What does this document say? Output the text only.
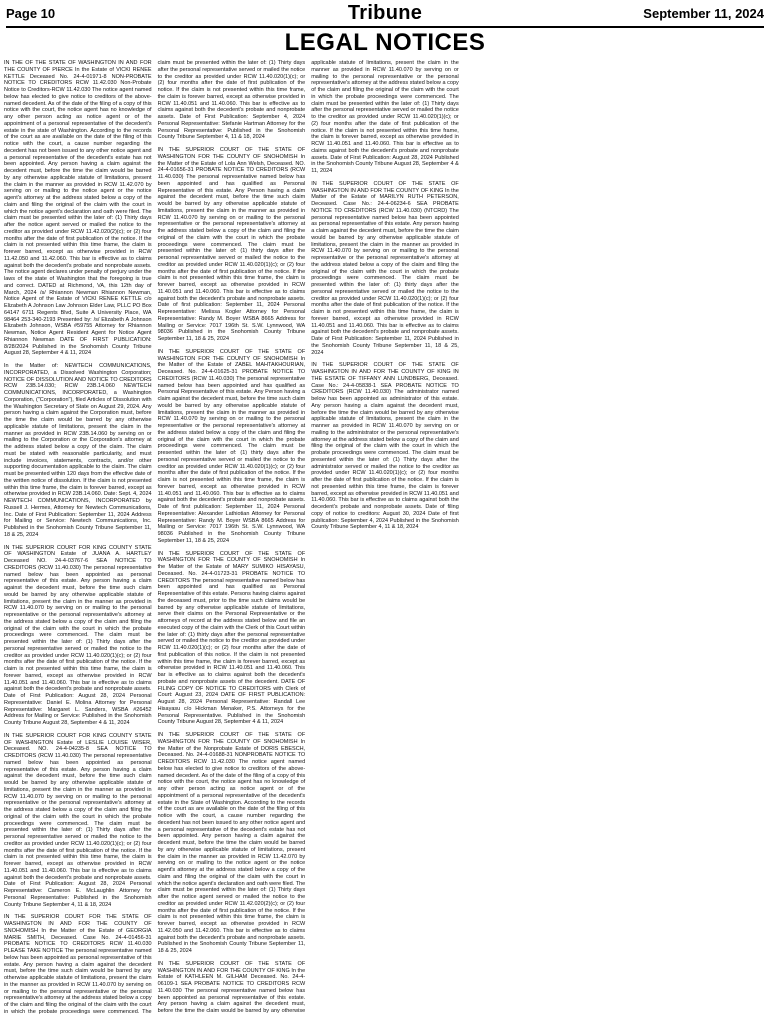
Page 10	Tribune	September 11, 2024
LEGAL NOTICES

IN THE OF THE STATE OF WASHINGTON IN AND FOR THE COUNTY OF PIERCE In the Estate of VICKI RENEE KETTLE Deceased No. 24-4-01971-8 NON-PROBATE NOTICE TO CREDITORS RCW 11.42.030 Non-Probate Notice to Creditors-RCW 11.42.030 The notice agent named below has elected to give notice to creditors of the above-named decedent. As of the date of the filing of a copy of this notice with the court, the notice agent has no knowledge of any other person acting as notice agent or of the appointment of a personal representative of the decedent's estate in the state of Washington. According to the records of the court as are available on the date of the filing of this notice with the court, a cause number regarding the decedent has not been issued to any other notice agent and a personal representative of the decedent's estate has not been appointed. Any person having a claim against the decedent must, before the time the claim would be barred by any otherwise applicable statute of limitations, present the claim in the manner as provided in RCW 11.42.070 by serving on or mailing to the notice agent or the notice agent's attorney at the address stated below a copy of the claim and filing the original of the claim with the court in which the notice agent's declaration and oath were filed. The claim must be presented within the later of: (1) Thirty days after the notice agent served or mailed the notice to the creditor as provided under RCW 11.42.020(2)(c); or (2) four months after the date of first publication of the notice. If the claim is not presented within this time frame, the claim is forever barred, except as otherwise provided in RCW 11.42.050 and 11.42.060. This bar is effective as to claims against both the decedent's probate and nonprobate assets. The notice agent declares under penalty of perjury under the laws of the state of Washington that the foregoing is true and correct. DATED at Richmond, VA, this 12th day of March, 2024 /s/ Rhiannon Newman Rhiannon Newman, Notice Agent of the Estate of VICKI RENEE KETTLE c/o Elizabeth A Johnson Law Johnson Elder Law, PLLC PO Box 64147 6711 Regents Blvd, Suite A University Place, WA 98464 253-340-2193 Presented by: /s/ Elizabeth A Johnson Elizabeth Johnson, WSBA #59755 Attorney for Rhiannon Newman, Notice Agent Resident Agent for Notice Agent Rhiannon Newman DATE OF FIRST PUBLICATION: 8/28/2024 Published in the Snohomish County Tribune August 28, September 4 & 11, 2024

In the Matter of: NEWTECH COMMUNICATIONS, INCORPORATED, a Dissolved Washington Corporation; NOTICE OF DISSOLUTION AND NOTICE TO CREDITORS RCW 23B.14.030; RCW 23B.14.060 NEWTECH COMMUNICATIONS, INCORPORATED, a Washington Corporation, ("Corporation"), filed Articles of Dissolution with the Washington Secretary of State on August 29, 2024. Any person having a claim against the Corporation must, before the time the claim would be barred by any otherwise applicable statute of limitations, present the claim in the manner as provided in RCW 23B.14.060 by serving on or mailing to the Corporation or the Corporation's attorney at the address stated below a copy of the claim. The claim must be stated with reasonable particularity, and must include invoices, statements, contracts, and/or other supporting documentation applicable to the claim. The claim must be presented within 120 days from the effective date of the written notice of dissolution. If the claim is not presented within this time frame, the claim is forever barred, except as otherwise provided in RCW 23B.14.060. Date: Sept. 4, 2024 NEWTECH COMMUNICATIONS, INCORPORATED by Russell J. Hermes, Attorney for Newtech Communications, Inc. Date of First Publication: September 11, 2024 Address for Mailing or Service: Newtech Communications, Inc. Published in the Snohomish County Tribune September 11, 18 & 25, 2024

IN THE SUPERIOR COURT FOR KING COUNTY STATE OF WASHINGTON Estate of JUANA A. HARTLEY Deceased NO. 24-4-03767-6 SEA NOTICE TO CREDITORS (RCW 11.40.030) The personal representative named below has been appointed as personal representative of this estate. Any person having a claim against the decedent must, before the time such claim would be barred by any otherwise applicable statute of limitations, present the claim in the manner as provided in RCW 11.40.070 by serving on or mailing to the personal representative or the personal representative's attorney at the address stated below a copy of the claim and filing the original of the claim with the court in which the probate proceedings were commenced. The claim must be presented within the later of: (1) Thirty days after the personal representative served or mailed the notice to the creditor as provided under RCW 11.40.020(1)(c); or (2) four months after the date of first publication of the notice. If the claim is not presented within this time frame, the claim is forever barred, except as otherwise provided in RCW 11.40.051 and 11.40.060. This bar is effective as to claims against both the decedent's probate and nonprobate assets. Date of First Publication: August 28, 2024 Personal Representative: Daniel E. Molina Attorney for Personal Representative: Margaret L. Sanders, WSBA #26452 Address for Mailing or Service: Published in the Snohomish County Tribune August 28, September 4 & 11, 2024

IN THE SUPERIOR COURT FOR KING COUNTY STATE OF WASHINGTON Estate of LESLIE LOUISE WISER, Deceased. NO. 24-4-04235-8 SEA NOTICE TO CREDITORS (RCW 11.40.030) The personal representative named below has been appointed as personal representative of this estate. Any person having a claim against the decedent must, before the time such claim would be barred by any otherwise applicable statute of limitations, present the claim in the manner as provided in RCW 11.40.070 by serving on or mailing to the personal representative or the personal representative's attorney at the address stated below a copy of the claim and filing the original of the claim with the court in which the probate proceedings were commenced. The claim must be presented within the later of: (1) Thirty days after the personal representative served or mailed the notice to the creditor as provided under RCW 11.40.020(1)(c); or (2) four months after the date of first publication of the notice. If the claim is not presented within this time frame, the claim is forever barred, except as otherwise provided in RCW 11.40.051 and 11.40.060. This bar is effective as to claims against both the decedent's probate and nonprobate assets. Date of First Publication: August 28, 2024 Personal Representative: Cameron E. McLaughlin Attorney for Personal Representative: Published in the Snohomish County Tribune September 4, 11 & 18, 2024

IN THE SUPERIOR COURT FOR THE STATE OF WASHINGTON IN AND FOR THE COUNTY OF SNOHOMISH In the Matter of the Estate of GEORGIA MARIE SMITH, Deceased. Case No. 24-4-01456-31 PROBATE NOTICE TO CREDITORS RCW 11.40.030 PLEASE TAKE NOTICE The personal representative named below has been appointed as personal representative of this estate. Any person having a claim against the decedent must, before the time such claim would be barred by any otherwise applicable statute of limitations, present the claim in the manner as provided in RCW 11.40.070 by serving on or mailing to the personal representative or the personal representative's attorney at the address stated below a copy of the claim and filing the original of the claim with the court in which the probate proceedings were commenced. The claim must be presented within the later of: (1) Thirty days after the personal representative served or mailed the notice to the creditor as provided under RCW 11.40.020(1)(c); or (2) four months after the date of first publication of the notice. If the claim is not presented within this time frame, the claim is forever barred, except as otherwise provided in RCW 11.40.051 and 11.40.060. This bar is effective as to claims against both the decedent's probate and nonprobate assets. Date of First Publication: September 4, 2024 Personal Representative: Stefanie Hartman Attorney for the Personal Representative: Published in the Snohomish County Tribune September 4, 11 & 18, 2024

IN THE SUPERIOR COURT OF THE STATE OF WASHINGTON FOR THE COUNTY OF SNOHOMISH In the Matter of the Estate of Lola Ann Welsh, Deceased. NO. 24-4-01656-31 PROBATE NOTICE TO CREDITORS (RCW 11.40.030) The personal representative named below has been appointed and has qualified as Personal Representative of this estate. Any Person having a claim against the decedent must, before the time such claim would be barred by any otherwise applicable statute of limitations, present the claim in the manner as provided in RCW 11.40.070 by serving on or mailing to the personal representative or the personal representative's attorney at the address stated below a copy of the claim and filing the original of the claim with the court in which the probate proceedings were commenced. The claim must be presented within the later of: (1) thirty days after the personal representative served or mailed the notice to the creditor as provided under RCW 11.40.020(1)(c); or (2) four months after the date of first publication of the notice. If the claim is not presented within this time frame, the claim is forever barred, except as otherwise provided in RCW 11.40.051 and 11.40.060. This bar is effective as to claims against both the decedent's probate and nonprobate assets. Date of first publication: September 11, 2024 Personal Representative: Melissa Kogler Attorney for Personal Representative: Randy M. Boyer WSBA 8665 Address for Mailing or Service: 7017 196th St. S.W. Lynnwood, WA 98036 Published in the Snohomish County Tribune September 11, 18 & 25, 2024

IN THE SUPERIOR COURT OF THE STATE OF WASHINGTON FOR THE COUNTY OF SNOHOMISH In the Matter of the Estate of ZABEL MAHTAKHOURIAN, Deceased. No. 24-4-01625-31 PROBATE NOTICE TO CREDITORS (RCW 11.40.030) The personal representative named below has been appointed and has qualified as Personal Representative of this estate. Any Person having a claim against the decedent must, before the time such claim would be barred by any otherwise applicable statute of limitations, present the claim in the manner as provided in RCW 11.40.070 by serving on or mailing to the personal representative or the personal representative's attorney at the address stated below a copy of the claim and filing the original of the claim with the court in which the probate proceedings were commenced. The claim must be presented within the later of: (1) thirty days after the personal representative served or mailed the notice to the creditor as provided under RCW 11.40.020(1)(c); or (2) four months after the date of first publication of the notice. If the claim is not presented within this time frame, the claim is forever barred, except as otherwise provided in RCW 11.40.051 and 11.40.060. This bar is effective as to claims against both the decedent's probate and nonprobate assets. Date of first publication: September 11, 2024 Personal Representative: Alexander Lathiotian Attorney for Personal Representative: Randy M. Boyer WSBA 8665 Address for Mailing or Service: 7017 196th St. S.W. Lynnwood, WA 98036 Published in the Snohomish County Tribune September 11, 18 & 25, 2024

IN THE SUPERIOR COURT OF THE STATE OF WASHINGTON FOR THE COUNTY OF SNOHOMISH In the Matter of the Estate of MARY SUMIKO HISAYASU, Deceased. No. 24-4-01723-31 PROBATE NOTICE TO CREDITORS The personal representative named below has been appointed and has qualified as Personal Representative of this estate. Persons having claims against the deceased must, prior to the time such claims would be barred by any otherwise applicable statute of limitations, serve their claims on the Personal Representative or the attorneys of record at the address stated below and file an executed copy of the claim with the Clerk of this Court within the later of: (1) thirty days after the personal representative served or mailed the notice to the creditor as provided under RCW 11.40.020(1)(c); or (2) four months after the date of first publication of this notice. If the claim is not presented within this time frame, the claim is forever barred, except as otherwise provided in RCW 11.40.051 and 11.40.060. This bar is effective as to claims against both the decedent's probate and nonprobate assets of the decedent. DATE OF FILING COPY OF NOTICE TO CREDITORS with Clerk of Court: August 23, 2024 DATE OF FIRST PUBLICATION: August 28, 2024 Personal Representative: Randall Lee Hisayasu c/o Hickman Menaker, P.S. Attorneys for the Personal Representative. Published in the Snohomish County Tribune August 28, September 4 & 11, 2024

IN THE SUPERIOR COURT OF THE STATE OF WASHINGTON FOR THE COUNTY OF SNOHOMISH In the Matter of the Nonprobate Estate of DORIS EBESCH, Deceased. No. 24-4-01688-31 NONPROBATE NOTICE TO CREDITORS RCW 11.42.030 The notice agent named below has elected to give notice to creditors of the above-named decedent. As of the date of the filing of a copy of this notice with the court, the notice agent has no knowledge of any other person acting as notice agent or of the appointment of a personal representative of the decedent's estate in the State of Washington. According to the records of the court as are available on the date of the filing of this notice with the court, a cause number regarding the decedent has not been issued to any other notice agent and a personal representative of the decedent's estate has not been appointed. Any person having a claim against the decedent must, before the time the claim would be barred by any otherwise applicable statute of limitations, present the claim in the manner as provided in RCW 11.42.070 by serving on or mailing to the notice agent or the notice agent's attorney at the address stated below a copy of the claim and filing the original of the claim with the court in which the notice agent's declaration and oath were filed. The claim must be presented within the later of: (1) Thirty days after the notice agent served or mailed the notice to the creditor as provided under RCW 11.42.020(2)(c); or (2) four months after the date of first publication of the notice. If the claim is not presented within this time frame, the claim is forever barred, except as otherwise provided in RCW 11.42.050 and 11.42.060. This bar is effective as to claims against both the decedent's probate and nonprobate assets. Published in the Snohomish County Tribune September 11, 18 & 25, 2024

IN THE SUPERIOR COURT OF THE STATE OF WASHINGTON IN AND FOR THE COUNTY OF KING In the Estate of KATHLEEN M. GILHAM Deceased. No. 24-4-06109-1 SEA PROBATE NOTICE TO CREDITORS RCW 11.40.030 The personal representative named below has been appointed as personal representative of this estate. Any person having a claim against the decedent must, before the time the claim would be barred by any otherwise applicable statute of limitations, present the claim in the manner as provided in RCW 11.40.070 by serving on or mailing to the personal representative or the personal representative's attorney at the address stated below a copy of the claim and filing the original of the claim with the court in which the probate proceedings were commenced. The claim must be presented within the later of: (1) Thirty days after the personal representative served or mailed the notice to the creditor as provided under RCW 11.40.020(1)(c); or (2) four months after the date of first publication of the notice. If the claim is not presented within this time frame, the claim is forever barred, except as otherwise provided in RCW 11.40.051 and 11.40.060. This bar is effective as to claims against both the decedent's probate and nonprobate assets. Date of First Publication: August 28, 2024 Published in the Snohomish County Tribune August 28, September 4 & 11, 2024

IN THE SUPERIOR COURT OF THE STATE OF WASHINGTON IN AND FOR THE COUNTY OF KING In the Matter of the Estate of MARILYN RUTH PETERSON, Deceased. Case No.: 24-4-06234-6 SEA PROBATE NOTICE TO CREDITORS (RCW 11.40.030) (NTCRD) The personal representative named below has been appointed as personal representative of this estate. Any person having a claim against the decedent must, before the time the claim would be barred by any otherwise applicable statute of limitations, present the claim in the manner as provided in RCW 11.40.070 by serving on or mailing to the personal representative or the personal representative's attorney at the address stated below a copy of the claim and filing the original of the claim with the court in which the probate proceedings were commenced. The claim must be presented within the later of: (1) thirty days after the personal representative served or mailed the notice to the creditor as provided under RCW 11.40.020(1)(c); or (2) four months after the date of first publication of the notice. If the claim is not presented within this time frame, the claim is forever barred, except as otherwise provided in RCW 11.40.051 and 11.40.060. This bar is effective as to claims against both the decedent's probate and nonprobate assets. Date of First Publication: September 11, 2024 Published in the Snohomish County Tribune September 11, 18 & 25, 2024

IN THE SUPERIOR COURT OF THE STATE OF WASHINGTON IN AND FOR THE COUNTY OF KING IN THE ESTATE OF TIFFANY ANN LUNDBERG, Deceased. Case No.: 24-4-05838-1 SEA PROBATE NOTICE TO CREDITORS (RCW 11.40.030) The administrator named below has been appointed as administrator of this estate. Any person having a claim against the decedent must, before the time the claim would be barred by any otherwise applicable statute of limitations, present the claim in the manner as provided in RCW 11.40.070 by serving on or mailing to the administrator or the personal representative's attorney at the address stated below a copy of the claim and filing the original of the claim with the court in which the probate proceedings were commenced. The claim must be presented within the later of: (1) Thirty days after the administrator served or mailed the notice to the creditor as provided under RCW 11.40.020(1)(c); or (2) four months after the date of first publication of the notice. If the claim is not presented within this time frame, the claim is forever barred, except as otherwise provided in RCW 11.40.051 and 11.40.060. This bar is effective as to claims against both the decedent's probate and nonprobate assets. Date of filing copy of notice to creditors: August 30, 2024 Date of first publication: September 4, 2024 Published in the Snohomish County Tribune September 4, 11 & 18, 2024
